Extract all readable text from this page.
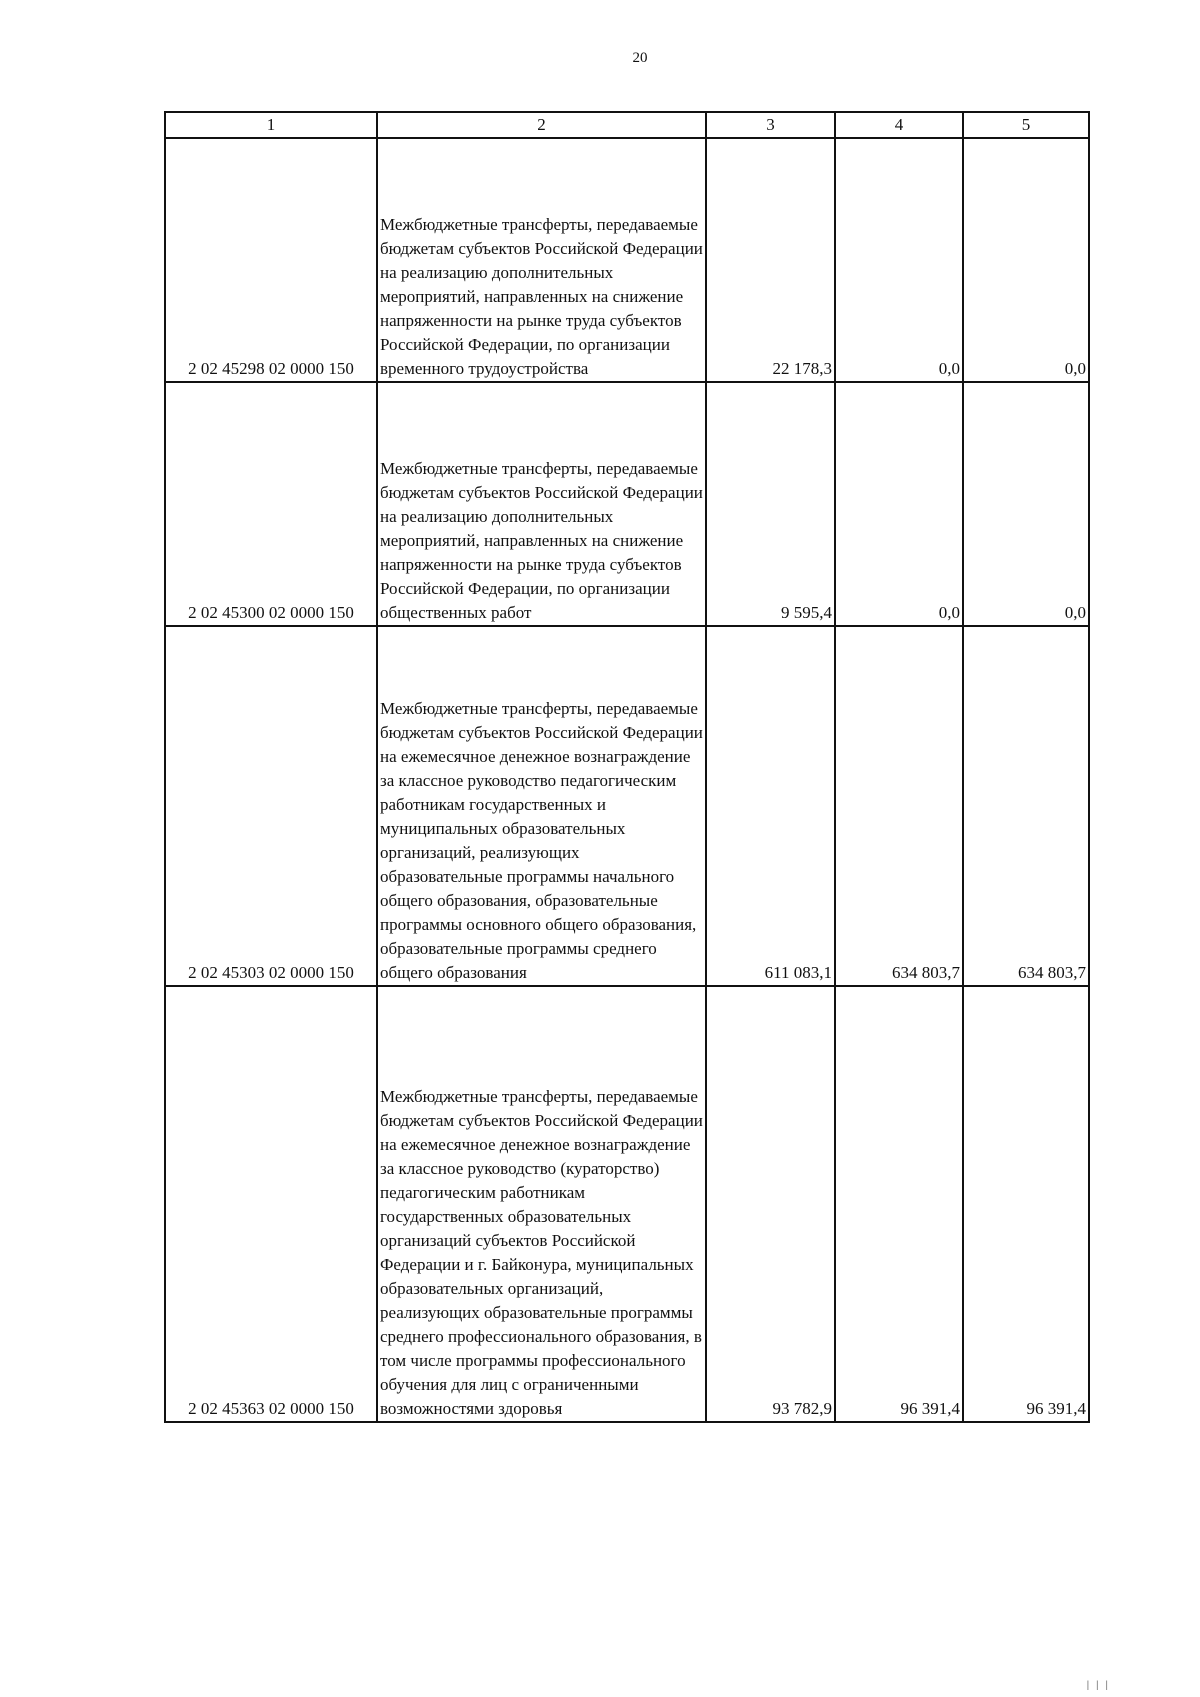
20
1	2	3	4	5
2 02 45298 02 0000 150	Межбюджетные трансферты, передаваемые бюджетам субъектов Российской Федерации на реализацию дополнительных мероприятий, направленных на снижение напряженности на рынке труда субъектов Российской Федерации, по организации временного трудоустройства	22 178,3	0,0	0,0
2 02 45300 02 0000 150	Межбюджетные трансферты, передаваемые бюджетам субъектов Российской Федерации на реализацию дополнительных мероприятий, направленных на снижение напряженности на рынке труда субъектов Российской Федерации, по организации общественных работ	9 595,4	0,0	0,0
2 02 45303 02 0000 150	Межбюджетные трансферты, передаваемые бюджетам субъектов Российской Федерации на ежемесячное денежное вознаграждение за классное руководство педагогическим работникам государственных и муниципальных образовательных организаций, реализующих образовательные программы начального общего образования, образовательные программы основного общего образования, образовательные программы среднего общего образования	611 083,1	634 803,7	634 803,7
2 02 45363 02 0000 150	Межбюджетные трансферты, передаваемые бюджетам субъектов Российской Федерации на ежемесячное денежное вознаграждение за классное руководство (кураторство) педагогическим работникам государственных образовательных организаций субъектов Российской Федерации и г. Байконура, муниципальных образовательных организаций, реализующих образовательные программы среднего профессионального образования, в том числе программы профессионального обучения для лиц с ограниченными возможностями здоровья	93 782,9	96 391,4	96 391,4
| | |
